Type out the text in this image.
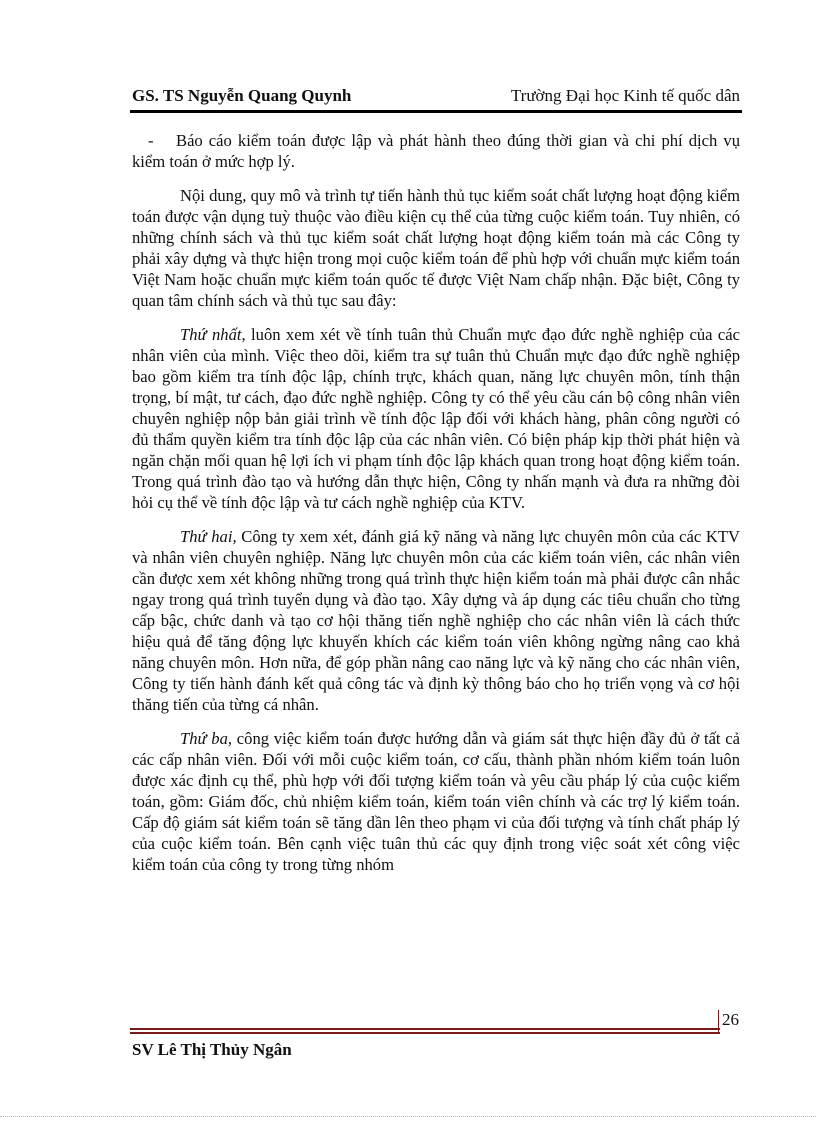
GS. TS Nguyễn Quang Quynh	Trường Đại học Kinh tế quốc dân

- Báo cáo kiểm toán được lập và phát hành theo đúng thời gian và chi phí dịch vụ kiểm toán ở mức hợp lý.

Nội dung, quy mô và trình tự tiến hành thủ tục kiểm soát chất lượng hoạt động kiểm toán được vận dụng tuỳ thuộc vào điều kiện cụ thể của từng cuộc kiểm toán. Tuy nhiên, có những chính sách và thủ tục kiểm soát chất lượng hoạt động kiểm toán mà các Công ty phải xây dựng và thực hiện trong mọi cuộc kiểm toán để phù hợp với chuẩn mực kiểm toán Việt Nam hoặc chuẩn mực kiểm toán quốc tế được Việt Nam chấp nhận. Đặc biệt, Công ty quan tâm chính sách và thủ tục sau đây:

Thứ nhất, luôn xem xét về tính tuân thủ Chuẩn mực đạo đức nghề nghiệp của các nhân viên của mình. Việc theo dõi, kiểm tra sự tuân thủ Chuẩn mực đạo đức nghề nghiệp bao gồm kiểm tra tính độc lập, chính trực, khách quan, năng lực chuyên môn, tính thận trọng, bí mật, tư cách, đạo đức nghề nghiệp. Công ty có thể yêu cầu cán bộ công nhân viên chuyên nghiệp nộp bản giải trình về tính độc lập đối với khách hàng, phân công người có đủ thẩm quyền kiểm tra tính độc lập của các nhân viên. Có biện pháp kịp thời phát hiện và ngăn chặn mối quan hệ lợi ích vi phạm tính độc lập khách quan trong hoạt động kiểm toán. Trong quá trình đào tạo và hướng dẫn thực hiện, Công ty nhấn mạnh và đưa ra những đòi hỏi cụ thể về tính độc lập và tư cách nghề nghiệp của KTV.

Thứ hai, Công ty xem xét, đánh giá kỹ năng và năng lực chuyên môn của các KTV và nhân viên chuyên nghiệp. Năng lực chuyên môn của các kiểm toán viên, các nhân viên cần được xem xét không những trong quá trình thực hiện kiểm toán mà phải được cân nhắc ngay trong quá trình tuyển dụng và đào tạo. Xây dựng và áp dụng các tiêu chuẩn cho từng cấp bậc, chức danh và tạo cơ hội thăng tiến nghề nghiệp cho các nhân viên là cách thức hiệu quả để tăng động lực khuyến khích các kiểm toán viên không ngừng nâng cao khả năng chuyên môn. Hơn nữa, để góp phần nâng cao năng lực và kỹ năng cho các nhân viên, Công ty tiến hành đánh kết quả công tác và định kỳ thông báo cho họ triển vọng và cơ hội thăng tiến của từng cá nhân.

Thứ ba, công việc kiểm toán được hướng dẫn và giám sát thực hiện đầy đủ ở tất cả các cấp nhân viên. Đối với mỗi cuộc kiểm toán, cơ cấu, thành phần nhóm kiểm toán luôn được xác định cụ thể, phù hợp với đối tượng kiểm toán và yêu cầu pháp lý của cuộc kiểm toán, gồm: Giám đốc, chủ nhiệm kiểm toán, kiểm toán viên chính và các trợ lý kiểm toán. Cấp độ giám sát kiểm toán sẽ tăng dần lên theo phạm vi của đối tượng và tính chất pháp lý của cuộc kiểm toán. Bên cạnh việc tuân thủ các quy định trong việc soát xét công việc kiểm toán của công ty trong từng nhóm

26
SV Lê Thị Thủy Ngân
